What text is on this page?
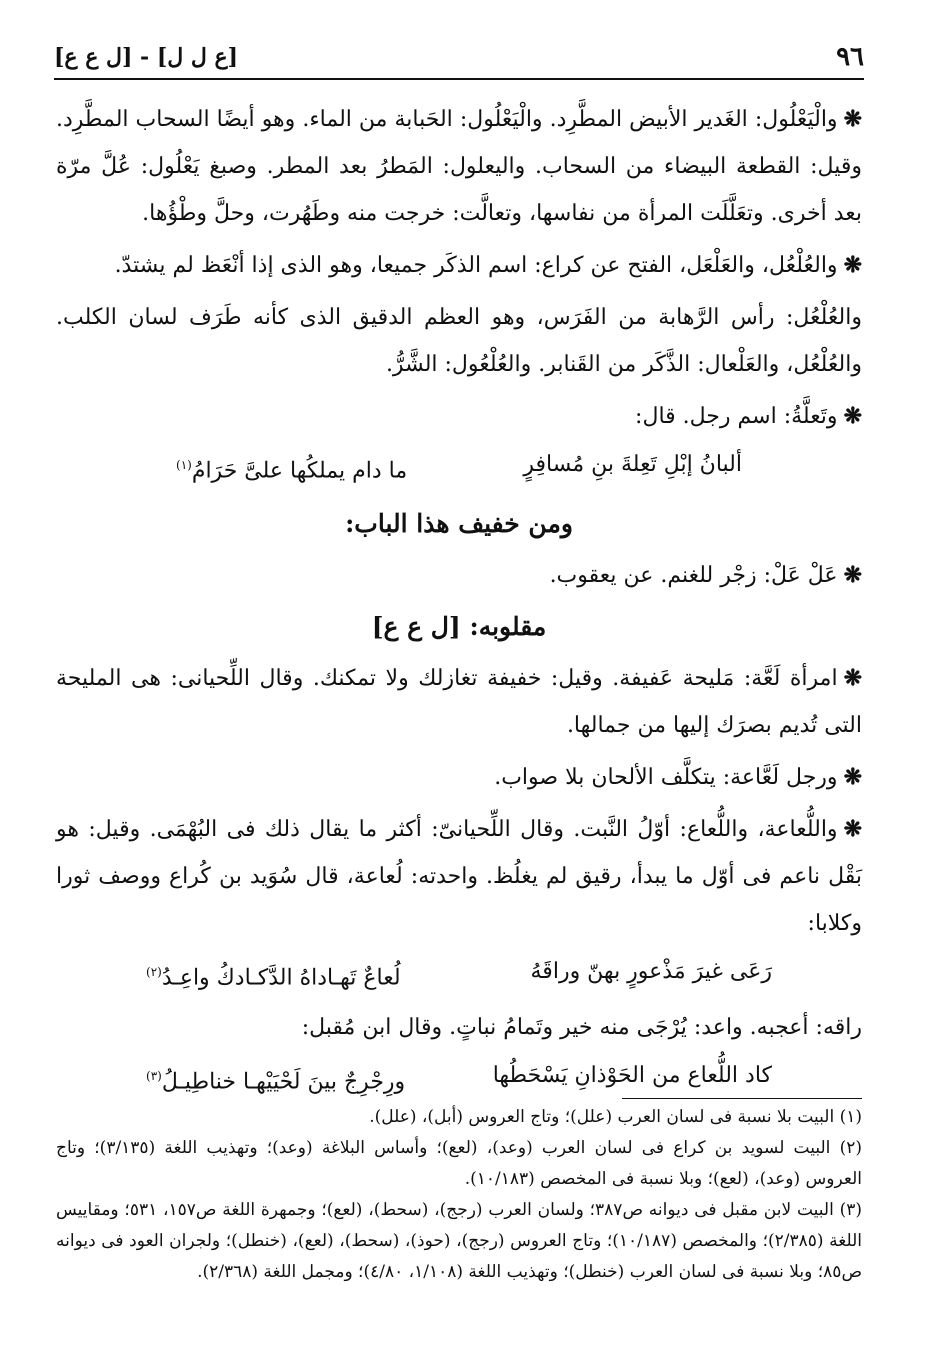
٩٦
[ع ل ل] - [ل ع ع]

❋والْيَعْلُول: الغَدير الأبيض المطَّرِد. والْيَعْلُول: الحَبابة من الماء. وهو أيضًا السحاب المطَّرِد. وقيل: القطعة البيضاء من السحاب. واليعلول: المَطرُ بعد المطر. وصبغ يَعْلُول: عُلَّ مرّة بعد أخرى. وتعَلَّلَت المرأة من نفاسها، وتعالَّت: خرجت منه وطَهُرت، وحلَّ وطْؤُها.

❋والعُلْعُل، والعَلْعَل، الفتح عن كراع: اسم الذكَر جميعا، وهو الذى إذا أنْعَظ لم يشتدّ.

والعُلْعُل: رأس الرَّهابة من الفَرَس، وهو العظم الدقيق الذى كأنه طَرَف لسان الكلب. والعُلْعُل، والعَلْعال: الذَّكَر من القَنابر. والعُلْعُول: الشَّرُّ.

❋وتَعلَّةُ: اسم رجل. قال:

ألبانُ إبْلِ تَعِلةَ بنِ مُسافِرٍ
ما دام يملكُها علىَّ حَرَامُ$^{(١)}$
ومن خفيف هذا الباب:

❋عَلْ عَلْ: زجْر للغنم. عن يعقوب.

مقلوبه: [ل ع ع]

❋امرأة لَعَّة: مَليحة عَفيفة. وقيل: خفيفة تغازلك ولا تمكنك. وقال اللِّحيانى: هى المليحة التى تُديم بصرَك إليها من جمالها.

❋ورجل لَعَّاعة: يتكلَّف الألحان بلا صواب.

❋واللُّعاعة، واللُّعاع: أوّلُ النَّبت. وقال اللِّحيانىّ: أكثر ما يقال ذلك فى البُهْمَى. وقيل: هو بَقْل ناعم فى أوّل ما يبدأ، رقيق لم يغلُظ. واحدته: لُعاعة، قال سُوَيد بن كُراع ووصف ثورا وكلابا:

رَعَى غيرَ مَذْعورٍ بهنّ وراقَهُ
لُعاعٌ تَهـاداهُ الدَّكـادكُ واعِـدُ$^{(٢)}$

راقه: أعجبه. واعد: يُرْجَى منه خير وتَمامُ نباتٍ. وقال ابن مُقبل:

كاد اللُّعاع من الحَوْذانِ يَسْحَطُها
ورِجْرِجٌ بينَ لَحْيَيْهـا خناطِيـلُ$^{(٣)}$

(١) البيت بلا نسبة فى لسان العرب (علل)؛ وتاج العروس (أبل)، (علل).

(٢) البيت لسويد بن كراع فى لسان العرب (وعد)، (لعع)؛ وأساس البلاغة (وعد)؛ وتهذيب اللغة (٣/١٣٥)؛ وتاج العروس (وعد)، (لعع)؛ وبلا نسبة فى المخصص (١٠/١٨٣).

(٣) البيت لابن مقبل فى ديوانه ص٣٨٧؛ ولسان العرب (رجج)، (سحط)، (لعع)؛ وجمهرة اللغة ص١٥٧، ٥٣١؛ ومقاييس اللغة (٢/٣٨٥)؛ والمخصص (١٠/١٨٧)؛ وتاج العروس (رجج)، (حوذ)، (سحط)، (لعع)، (خنطل)؛ ولجران العود فى ديوانه ص٨٥؛ وبلا نسبة فى لسان العرب (خنطل)؛ وتهذيب اللغة (١/١٠٨، ٤/٨٠)؛ ومجمل اللغة (٢/٣٦٨).
